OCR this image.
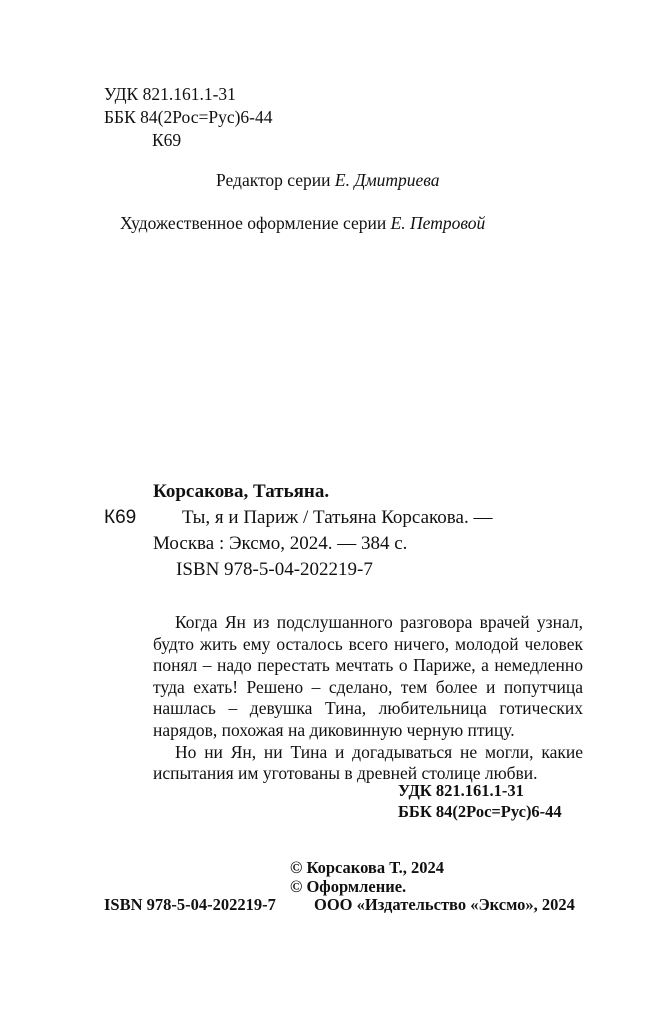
УДК 821.161.1-31
ББК 84(2Рос=Рус)6-44
К69
Редактор серии Е. Дмитриева
Художественное оформление серии Е. Петровой
Корсакова, Татьяна.
К69 Ты, я и Париж / Татьяна Корсакова. —
Москва : Эксмо, 2024. — 384 с.
ISBN 978-5-04-202219-7

Когда Ян из подслушанного разговора врачей узнал, будто жить ему осталось всего ничего, молодой человек понял – надо перестать мечтать о Париже, а немедленно туда ехать! Решено – сделано, тем более и попутчица нашлась – девушка Тина, любительница готических нарядов, похожая на диковинную черную птицу.

Но ни Ян, ни Тина и догадываться не могли, какие испытания им уготованы в древней столице любви.

УДК 821.161.1-31
ББК 84(2Рос=Рус)6-44
© Корсакова Т., 2024
© Оформление.
ISBN 978-5-04-202219-7 ООО «Издательство «Эксмо», 2024
